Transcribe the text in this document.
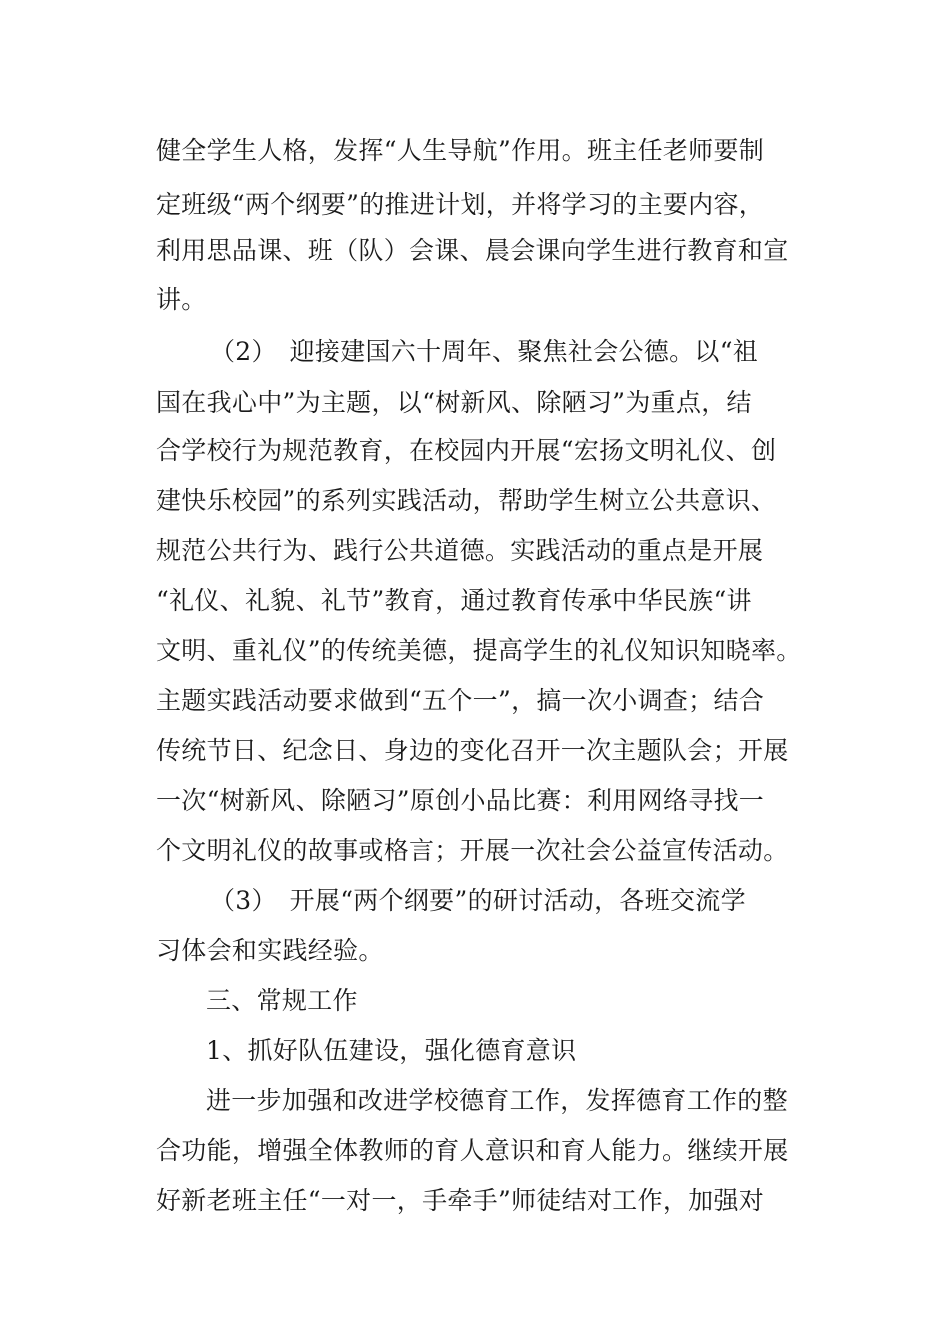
健全学生人格，发挥“人生导航”作用。班主任老师要制
定班级“两个纲要”的推进计划，并将学习的主要内容，
利用思品课、班（队）会课、晨会课向学生进行教育和宣
讲。
（2）　迎接建国六十周年、聚焦社会公德。以“祖
国在我心中”为主题，以“树新风、除陋习”为重点，结
合学校行为规范教育，在校园内开展“宏扬文明礼仪、创
建快乐校园”的系列实践活动，帮助学生树立公共意识、
规范公共行为、践行公共道德。实践活动的重点是开展
“礼仪、礼貌、礼节”教育，通过教育传承中华民族“讲
文明、重礼仪”的传统美德，提高学生的礼仪知识知晓率。
主题实践活动要求做到“五个一”，搞一次小调查；结合
传统节日、纪念日、身边的变化召开一次主题队会；开展
一次“树新风、除陋习”原创小品比赛：利用网络寻找一
个文明礼仪的故事或格言；开展一次社会公益宣传活动。
（3）　开展“两个纲要”的研讨活动，各班交流学
习体会和实践经验。
三、常规工作
1、抓好队伍建设，强化德育意识
进一步加强和改进学校德育工作，发挥德育工作的整
合功能，增强全体教师的育人意识和育人能力。继续开展
好新老班主任“一对一，手牵手”师徒结对工作，加强对
